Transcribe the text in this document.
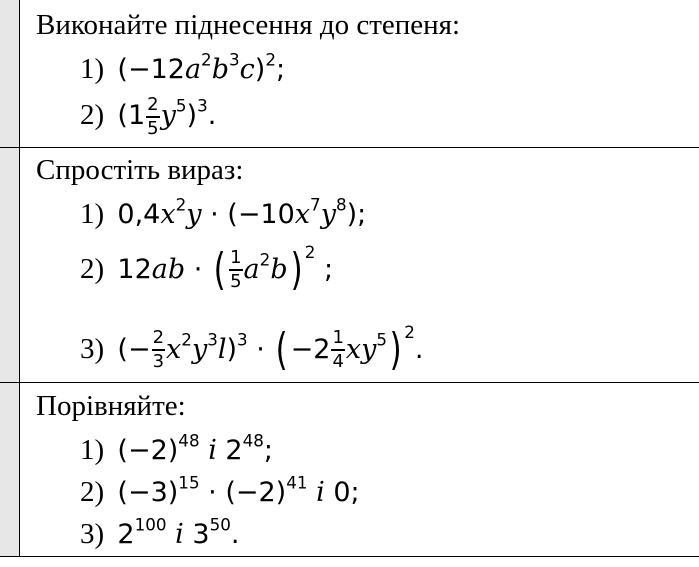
Виконайте піднесення до степеня:
1) $(-12a^2b^3c)^2$;
2) $(1 \frac{2}{5} y^5)^3$.
Спростіть вираз:
1) $0,4x^2y \cdot (-10x^7y^8)$;
2) 12ab · ( $\frac{1}{5} a^2b$) $^2$ ;
3) (− $\frac{2}{3} x^2y^3l)^3 \cdot (-2 \frac{1}{4} xy^5)$ $^2$.
Порівняйте:
1) $(-2)^{48}$ і $2^{48}$;
2) $(-3)^{15} \cdot (-2)^{41}$ і 0;
3) $2^{100}$ і $3^{50}$.
